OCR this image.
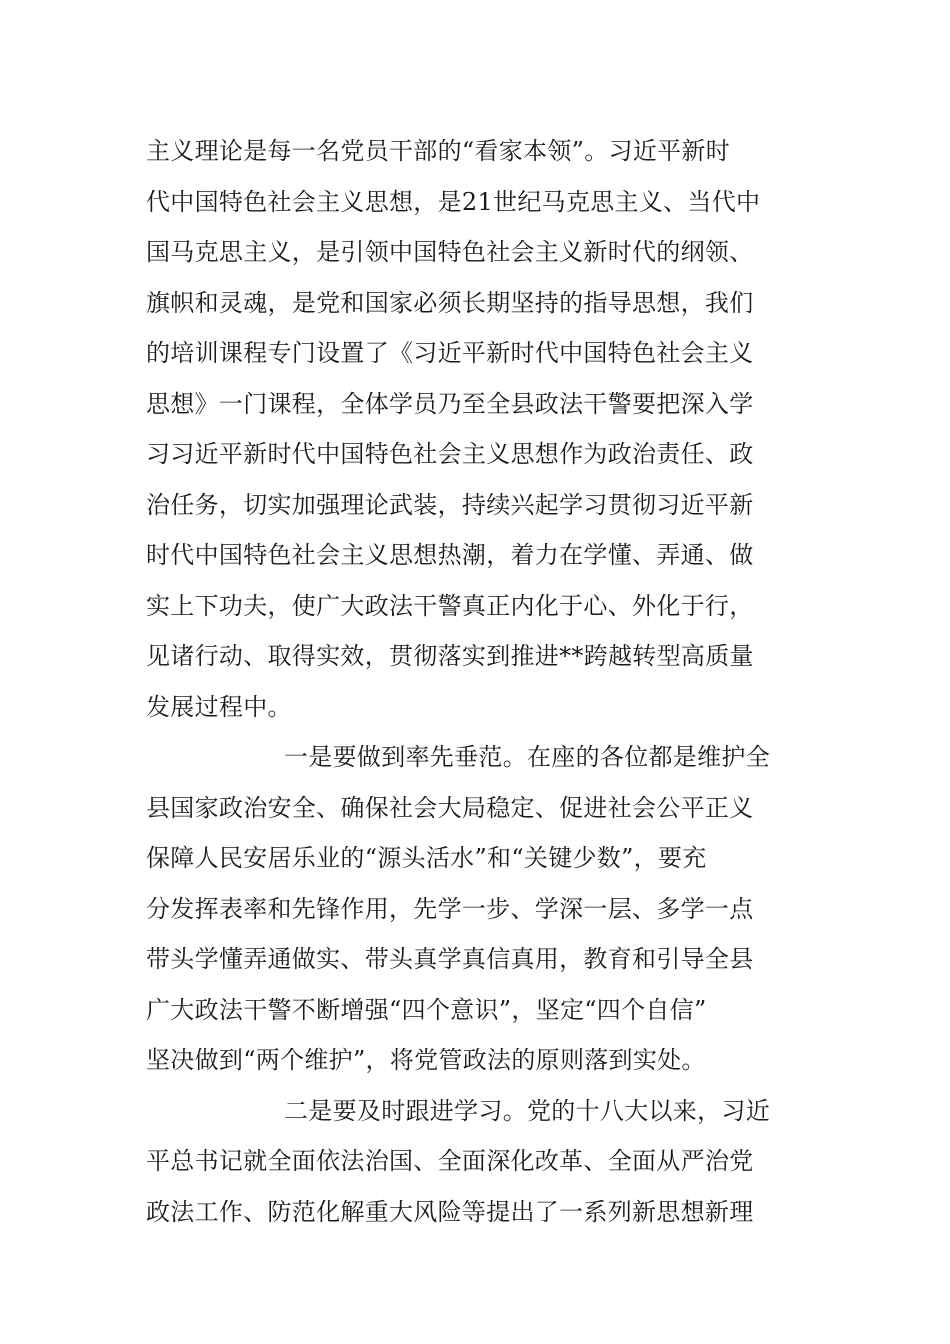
主义理论是每一名党员干部的“看家本领”。习近平新时
代中国特色社会主义思想，是21世纪马克思主义、当代中
国马克思主义，是引领中国特色社会主义新时代的纲领、
旗帜和灵魂，是党和国家必须长期坚持的指导思想，我们
的培训课程专门设置了《习近平新时代中国特色社会主义
思想》一门课程，全体学员乃至全县政法干警要把深入学
习习近平新时代中国特色社会主义思想作为政治责任、政
治任务，切实加强理论武装，持续兴起学习贯彻习近平新
时代中国特色社会主义思想热潮，着力在学懂、弄通、做
实上下功夫，使广大政法干警真正内化于心、外化于行，
见诸行动、取得实效，贯彻落实到推进**跨越转型高质量
发展过程中。
一是要做到率先垂范。在座的各位都是维护全
县国家政治安全、确保社会大局稳定、促进社会公平正义
保障人民安居乐业的“源头活水”和“关键少数”，要充
分发挥表率和先锋作用，先学一步、学深一层、多学一点
带头学懂弄通做实、带头真学真信真用，教育和引导全县
广大政法干警不断增强“四个意识”，坚定“四个自信”
坚决做到“两个维护”，将党管政法的原则落到实处。
二是要及时跟进学习。党的十八大以来，习近
平总书记就全面依法治国、全面深化改革、全面从严治党
政法工作、防范化解重大风险等提出了一系列新思想新理
